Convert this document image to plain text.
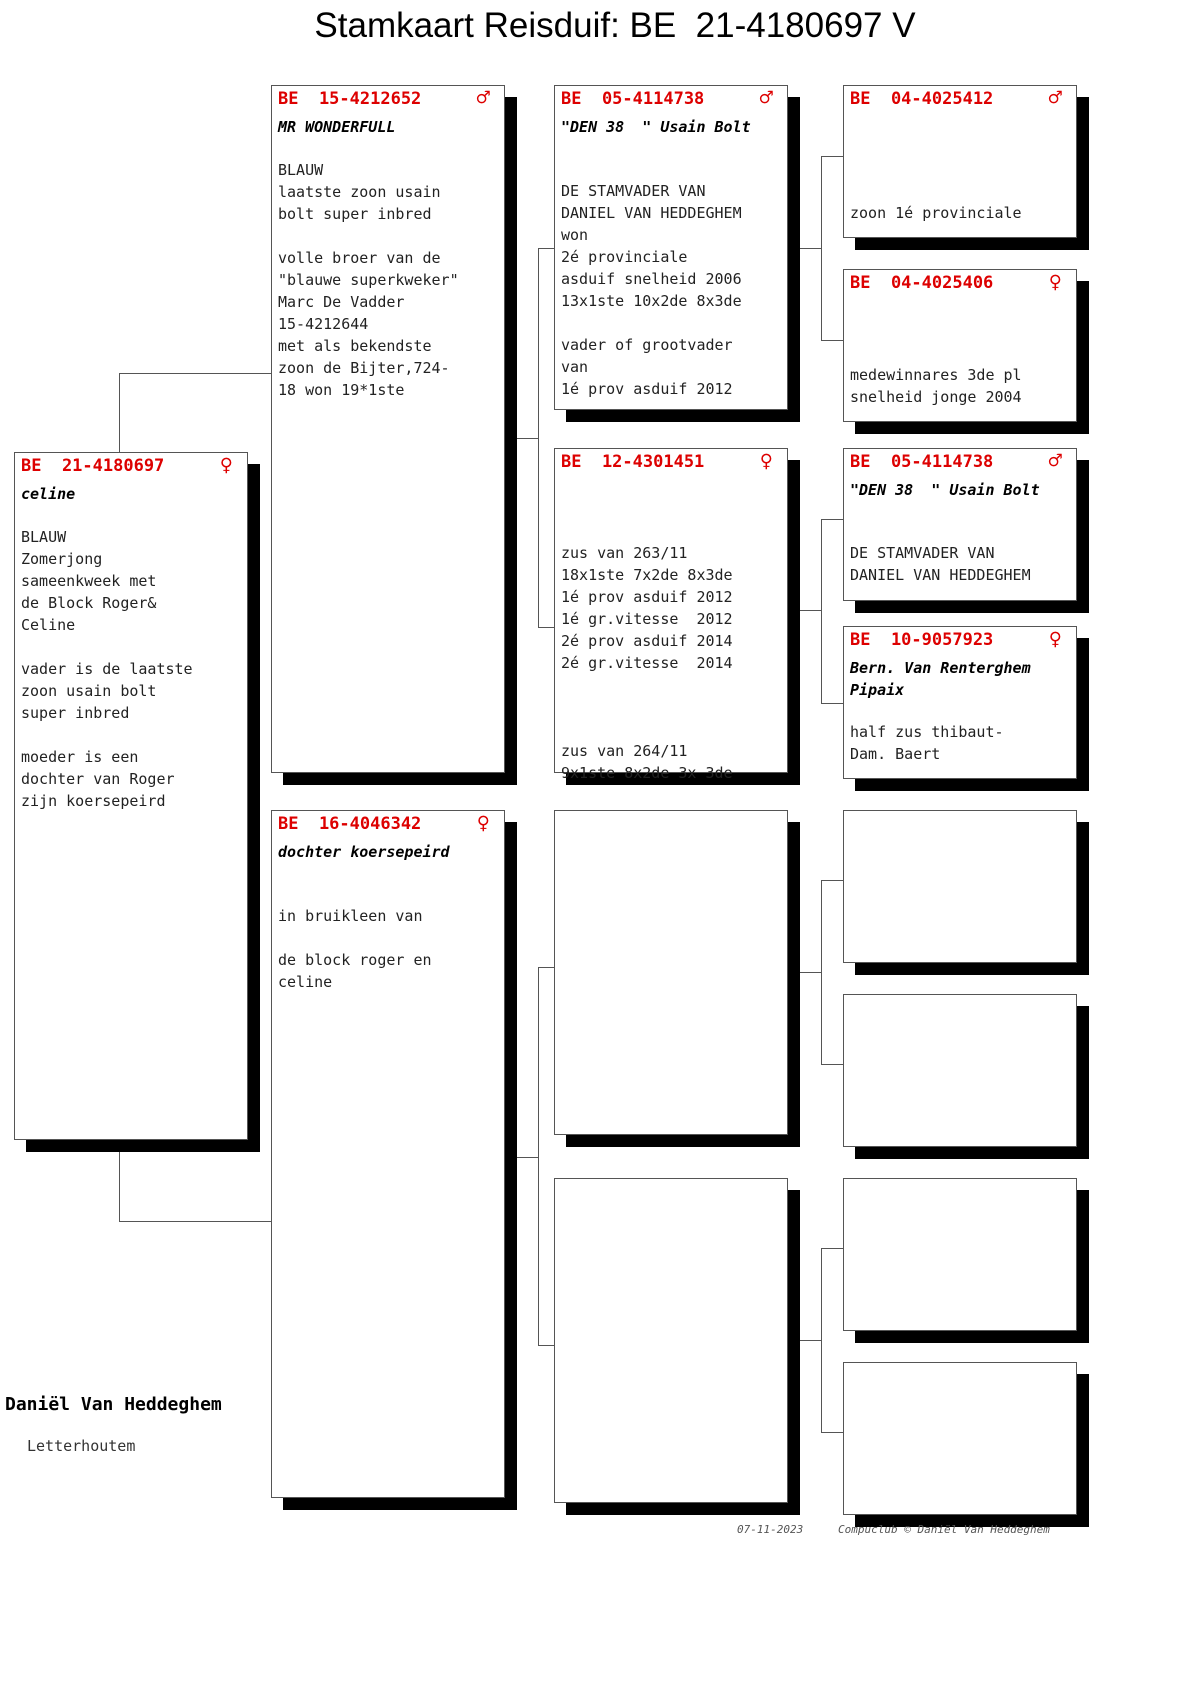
Stamkaart Reisduif: BE  21-4180697 V
BE  21-4180697	♀
celine
BLAUW
Zomerjong
sameenkweek met
de Block Roger&
Celine

vader is de laatste
zoon usain bolt
super inbred

moeder is een
dochter van Roger
zijn koersepeird
BE  15-4212652	♂
MR WONDERFULL
BLAUW
laatste zoon usain
bolt super inbred

volle broer van de
"blauwe superkweker"
Marc De Vadder
15-4212644
met als bekendste
zoon de Bijter,724-
18 won 19*1ste
BE  16-4046342	♀
dochter koersepeird
in bruikleen van

de block roger en
celine
BE  05-4114738	♂
"DEN 38  " Usain Bolt
DE STAMVADER VAN
DANIEL VAN HEDDEGHEM
won
2é provinciale
asduif snelheid 2006
13x1ste 10x2de 8x3de

vader of grootvader
van
1é prov asduif 2012
BE  12-4301451	♀
zus van 263/11
18x1ste 7x2de 8x3de
1é prov asduif 2012
1é gr.vitesse  2012
2é prov asduif 2014
2é gr.vitesse  2014

zus van 264/11
9x1ste 8x2de 3x 3de
BE  04-4025412	♂
zoon 1é provinciale
BE  04-4025406	♀
medewinnares 3de pl
snelheid jonge 2004
BE  05-4114738	♂
"DEN 38  " Usain Bolt
DE STAMVADER VAN
DANIEL VAN HEDDEGHEM
BE  10-9057923	♀
Bern. Van Renterghem
Pipaix
half zus thibaut-
Dam. Baert
Daniël Van Heddeghem
Letterhoutem
07-11-2023	Compuclub © Daniël Van Heddeghem
